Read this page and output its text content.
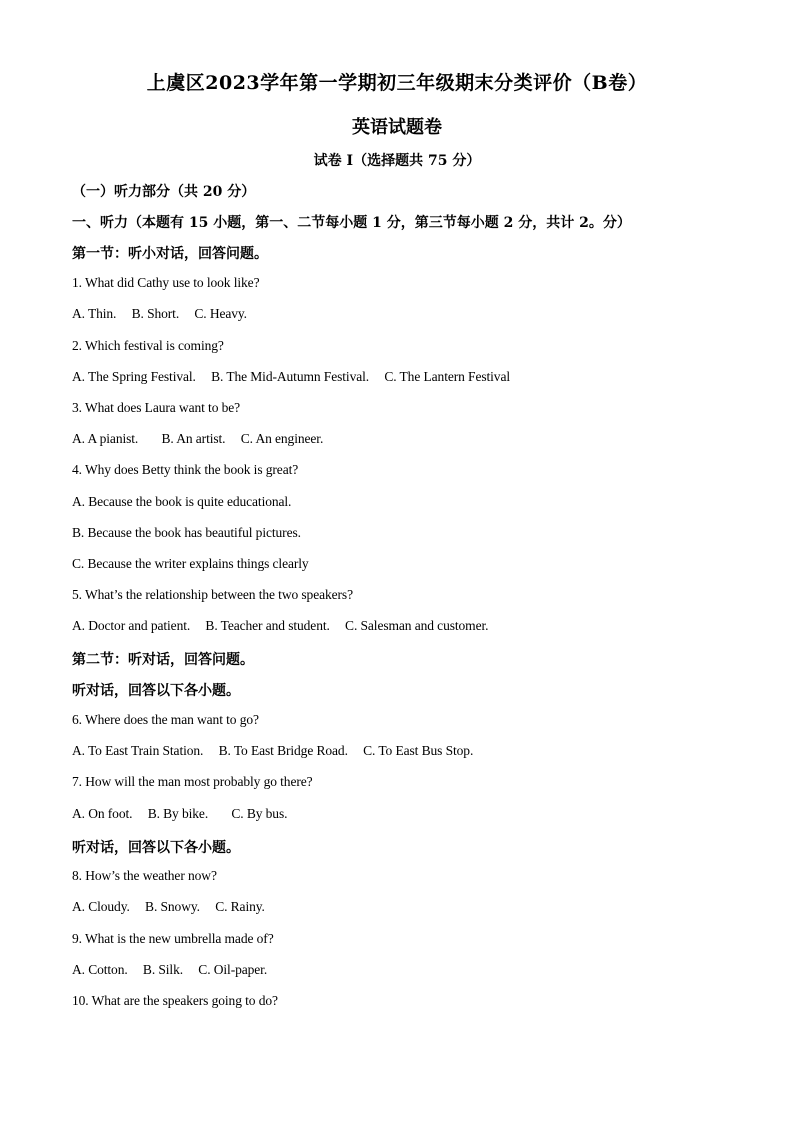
上虞区2023学年第一学期初三年级期末分类评价（B卷）
英语试题卷
试卷 I（选择题共 75 分）
（一）听力部分（共 20 分）
一、听力（本题有 15 小题，第一、二节每小题 1 分，第三节每小题 2 分，共计 2。分）
第一节：听小对话，回答问题。
1. What did Cathy use to look like?
A. Thin. B. Short. C. Heavy.
2. Which festival is coming?
A. The Spring Festival. B. The Mid-Autumn Festival. C. The Lantern Festival
3. What does Laura want to be?
A. A pianist. B. An artist. C. An engineer.
4. Why does Betty think the book is great?
A. Because the book is quite educational.
B. Because the book has beautiful pictures.
C. Because the writer explains things clearly
5. What’s the relationship between the two speakers?
A. Doctor and patient. B. Teacher and student. C. Salesman and customer.
第二节：听对话，回答问题。
听对话，回答以下各小题。
6. Where does the man want to go?
A. To East Train Station. B. To East Bridge Road. C. To East Bus Stop.
7. How will the man most probably go there?
A. On foot. B. By bike. C. By bus.
听对话，回答以下各小题。
8. How’s the weather now?
A. Cloudy. B. Snowy. C. Rainy.
9. What is the new umbrella made of?
A. Cotton. B. Silk. C. Oil-paper.
10. What are the speakers going to do?
